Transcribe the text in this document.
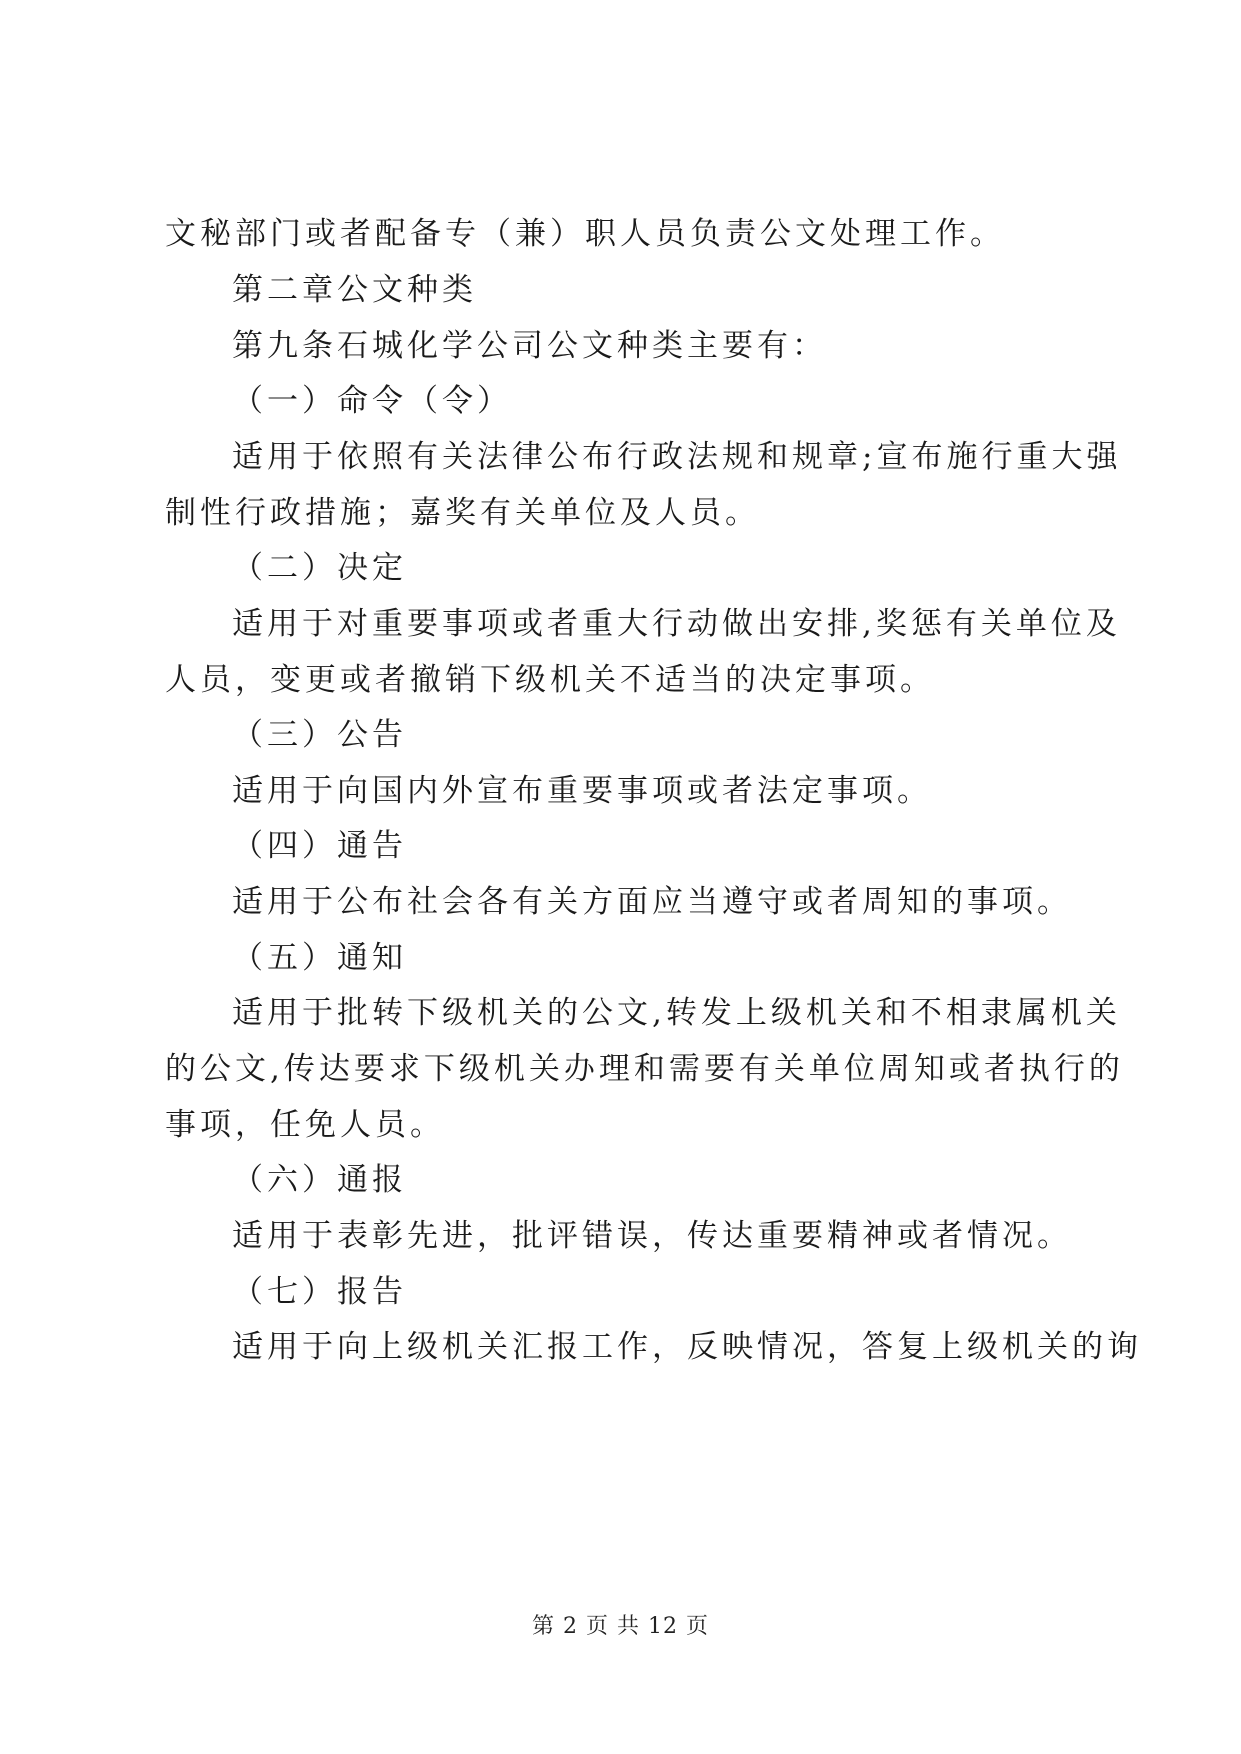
文秘部门或者配备专（兼）职人员负责公文处理工作。
第二章公文种类
第九条石城化学公司公文种类主要有：
（一）命令（令）
适用于依照有关法律公布行政法规和规章;宣布施行重大强
制性行政措施；嘉奖有关单位及人员。
（二）决定
适用于对重要事项或者重大行动做出安排,奖惩有关单位及
人员，变更或者撤销下级机关不适当的决定事项。
（三）公告
适用于向国内外宣布重要事项或者法定事项。
（四）通告
适用于公布社会各有关方面应当遵守或者周知的事项。
（五）通知
适用于批转下级机关的公文,转发上级机关和不相隶属机关
的公文,传达要求下级机关办理和需要有关单位周知或者执行的
事项，任免人员。
（六）通报
适用于表彰先进，批评错误，传达重要精神或者情况。
（七）报告
适用于向上级机关汇报工作，反映情况，答复上级机关的询
第 2 页 共 12 页
